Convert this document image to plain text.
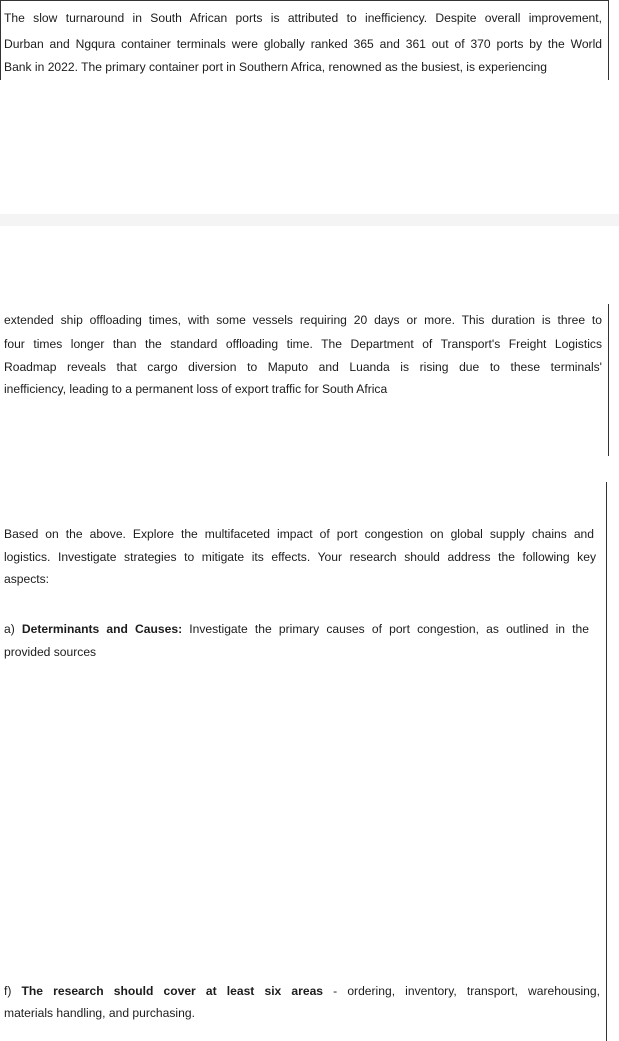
The slow turnaround in South African ports is attributed to inefficiency. Despite overall improvement,
Durban and Ngqura container terminals were globally ranked 365 and 361 out of 370 ports by the World
Bank in 2022. The primary container port in Southern Africa, renowned as the busiest, is experiencing
extended ship offloading times, with some vessels requiring 20 days or more. This duration is three to
four times longer than the standard offloading time. The Department of Transport's Freight Logistics
Roadmap reveals that cargo diversion to Maputo and Luanda is rising due to these terminals'
inefficiency, leading to a permanent loss of export traffic for South Africa
Based on the above. Explore the multifaceted impact of port congestion on global supply chains and
logistics. Investigate strategies to mitigate its effects. Your research should address the following key
aspects:
a) Determinants and Causes: Investigate the primary causes of port congestion, as outlined in the
provided sources
f) The research should cover at least six areas - ordering, inventory, transport, warehousing,
materials handling, and purchasing.
